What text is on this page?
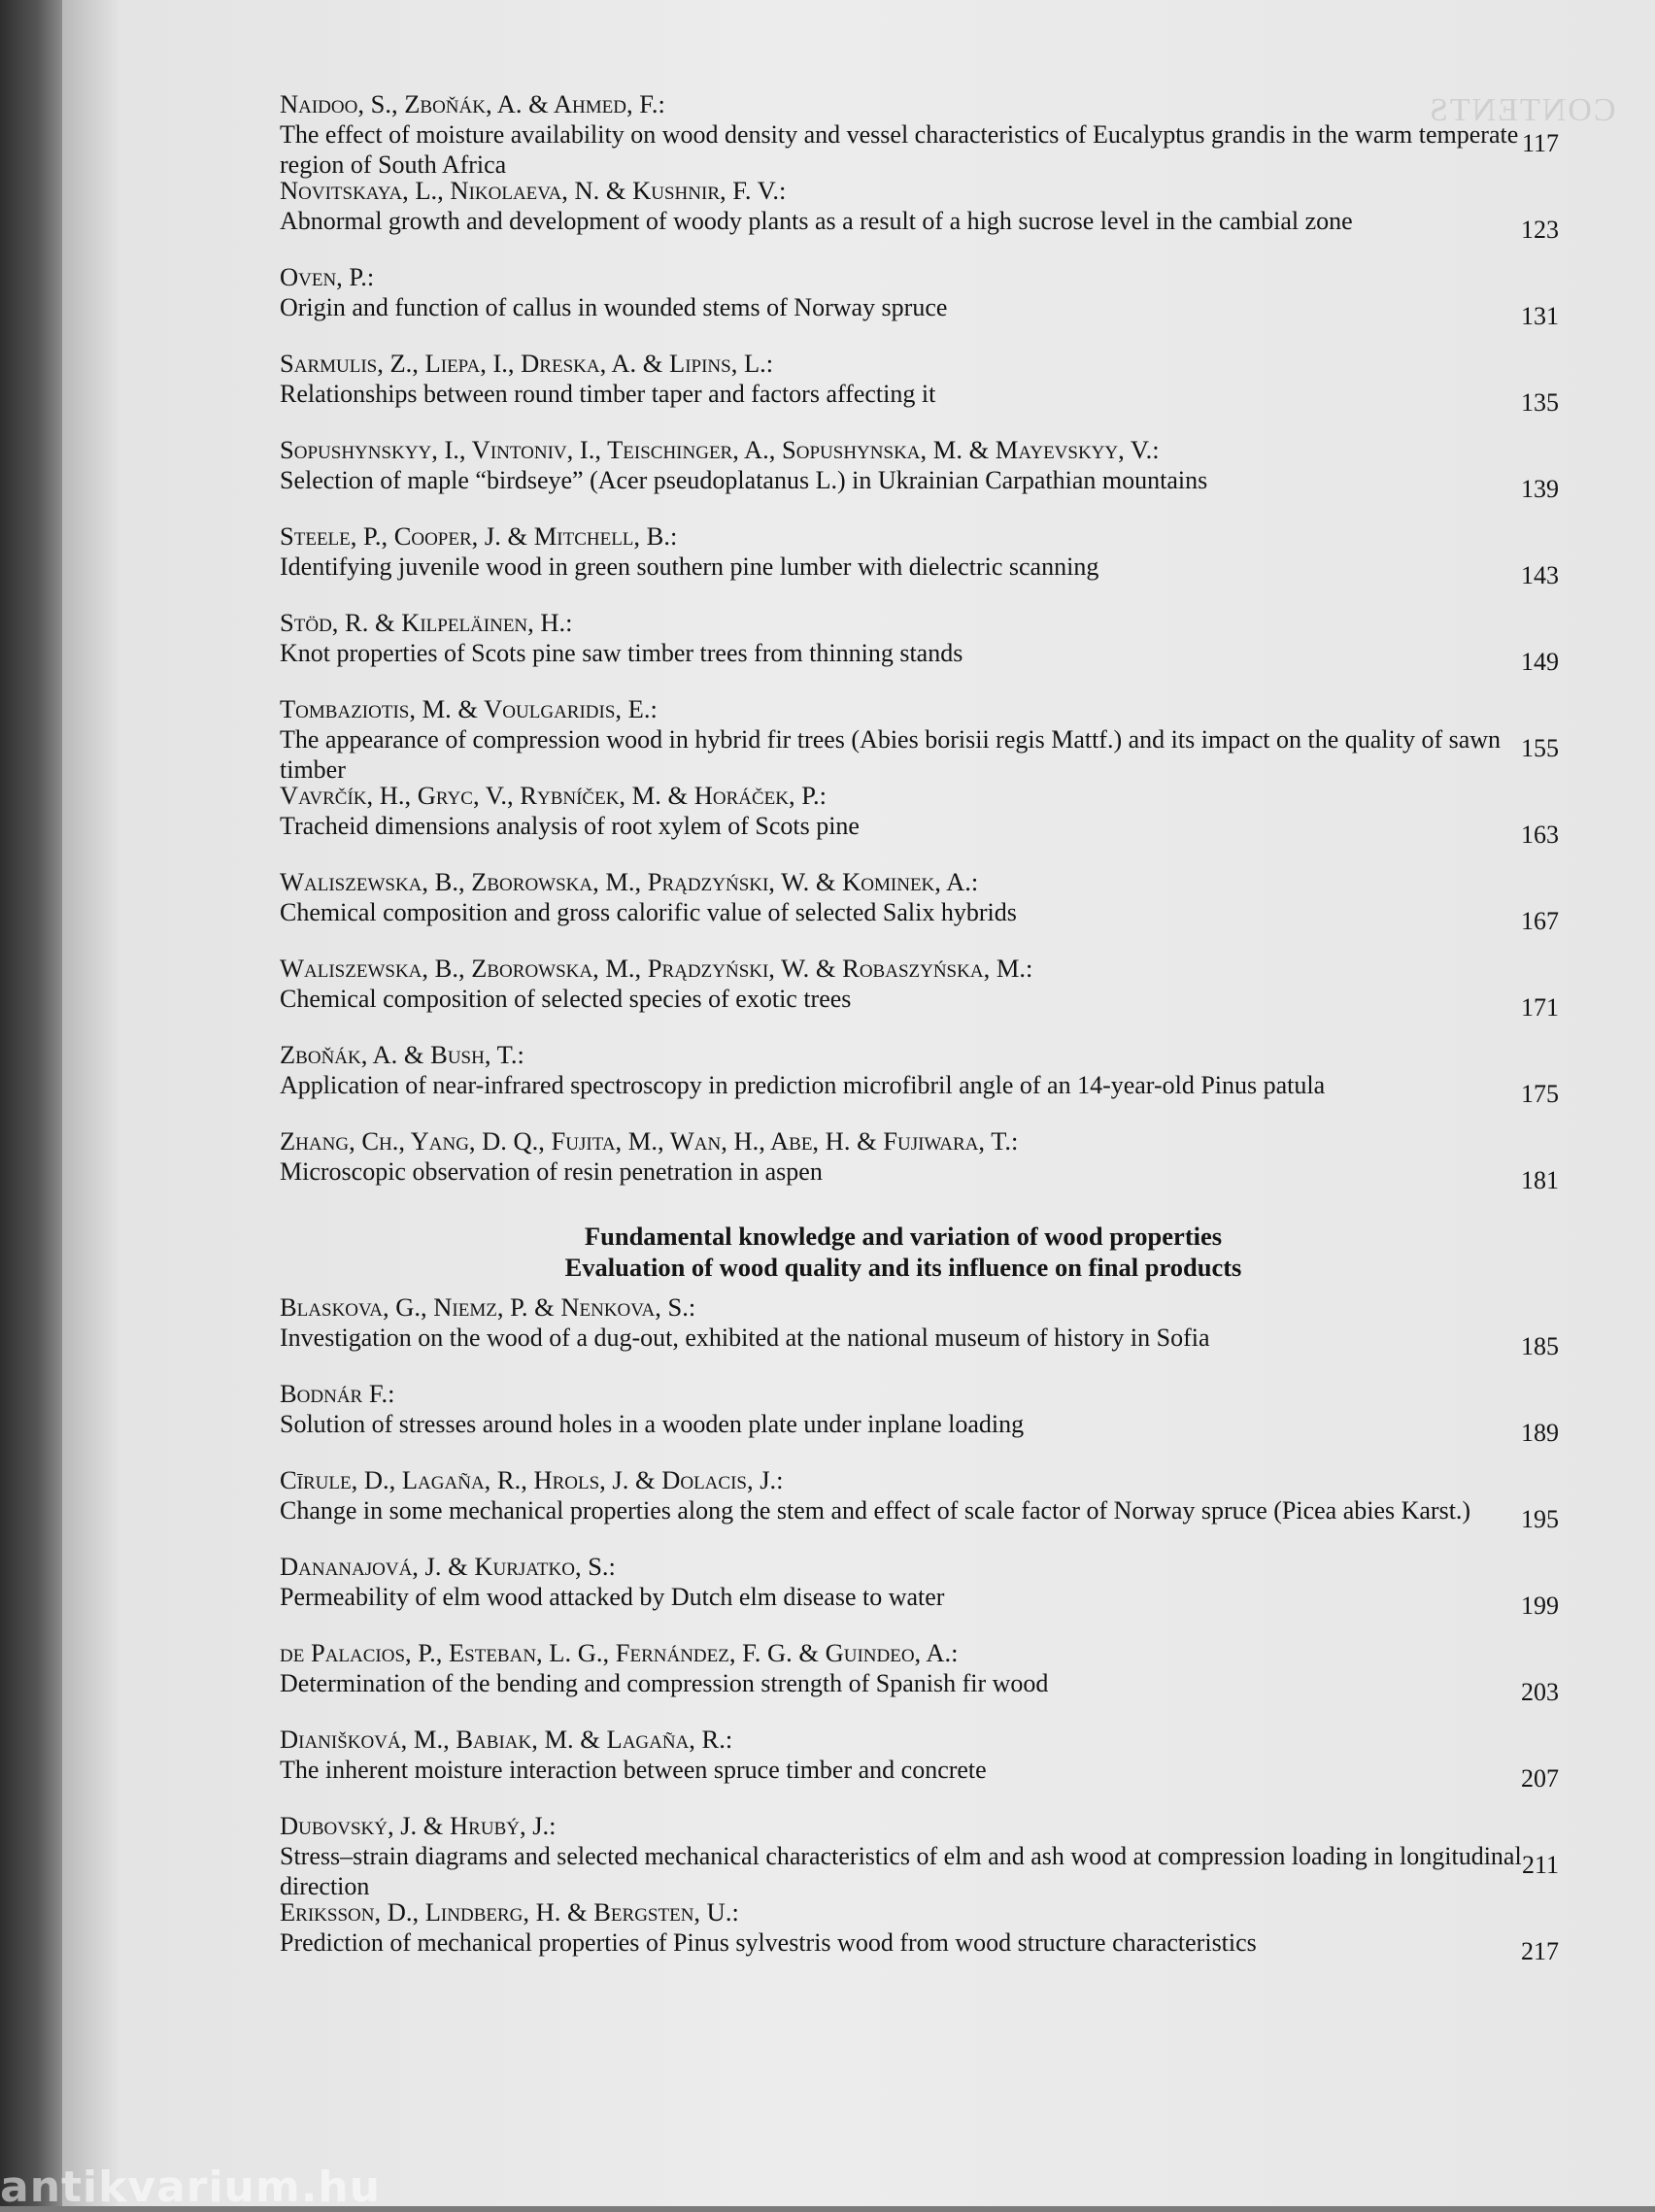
CONTENTS
Naidoo, S., Zboňák, A. & Ahmed, F.:
The effect of moisture availability on wood density and vessel characteristics of Eucalyptus grandis in the warm temperate region of South Africa
117
Novitskaya, L., Nikolaeva, N. & Kushnir, F. V.:
Abnormal growth and development of woody plants as a result of a high sucrose level in the cambial zone	123
Oven, P.:
Origin and function of callus in wounded stems of Norway spruce	131
Sarmulis, Z., Liepa, I., Dreska, A. & Lipins, L.:
Relationships between round timber taper and factors affecting it	135
Sopushynskyy, I., Vintoniv, I., Teischinger, A., Sopushynska, M. & Mayevskyy, V.:
Selection of maple “birdseye” (Acer pseudoplatanus L.) in Ukrainian Carpathian mountains	139
Steele, P., Cooper, J. & Mitchell, B.:
Identifying juvenile wood in green southern pine lumber with dielectric scanning	143
Stöd, R. & Kilpeläinen, H.:
Knot properties of Scots pine saw timber trees from thinning stands	149
Tombaziotis, M. & Voulgaridis, E.:
The appearance of compression wood in hybrid fir trees (Abies borisii regis Mattf.) and its impact on the quality of sawn timber
155
Vavrčík, H., Gryc, V., Rybníček, M. & Horáček, P.:
Tracheid dimensions analysis of root xylem of Scots pine	163
Waliszewska, B., Zborowska, M., Prądzyński, W. & Kominek, A.:
Chemical composition and gross calorific value of selected Salix hybrids	167
Waliszewska, B., Zborowska, M., Prądzyński, W. & Robaszyńska, M.:
Chemical composition of selected species of exotic trees	171
Zboňák, A. & Bush, T.:
Application of near-infrared spectroscopy in prediction microfibril angle of an 14-year-old Pinus patula	175
Zhang, Ch., Yang, D. Q., Fujita, M., Wan, H., Abe, H. & Fujiwara, T.:
Microscopic observation of resin penetration in aspen	181
Fundamental knowledge and variation of wood properties
Evaluation of wood quality and its influence on final products
Blaskova, G., Niemz, P. & Nenkova, S.:
Investigation on the wood of a dug-out, exhibited at the national museum of history in Sofia	185
Bodnár F.:
Solution of stresses around holes in a wooden plate under inplane loading	189
Cīrule, D., Lagaña, R., Hrols, J. & Dolacis, J.:
Change in some mechanical properties along the stem and effect of scale factor of Norway spruce (Picea abies Karst.)	195
Dananajová, J. & Kurjatko, S.:
Permeability of elm wood attacked by Dutch elm disease to water	199
de Palacios, P., Esteban, L. G., Fernández, F. G. & Guindeo, A.:
Determination of the bending and compression strength of Spanish fir wood	203
Dianišková, M., Babiak, M. & Lagaña, R.:
The inherent moisture interaction between spruce timber and concrete	207
Dubovský, J. & Hrubý, J.:
Stress–strain diagrams and selected mechanical characteristics of elm and ash wood at compression loading in longitudinal direction
211
Eriksson, D., Lindberg, H. & Bergsten, U.:
Prediction of mechanical properties of Pinus sylvestris wood from wood structure characteristics	217
antikvarium.hu
